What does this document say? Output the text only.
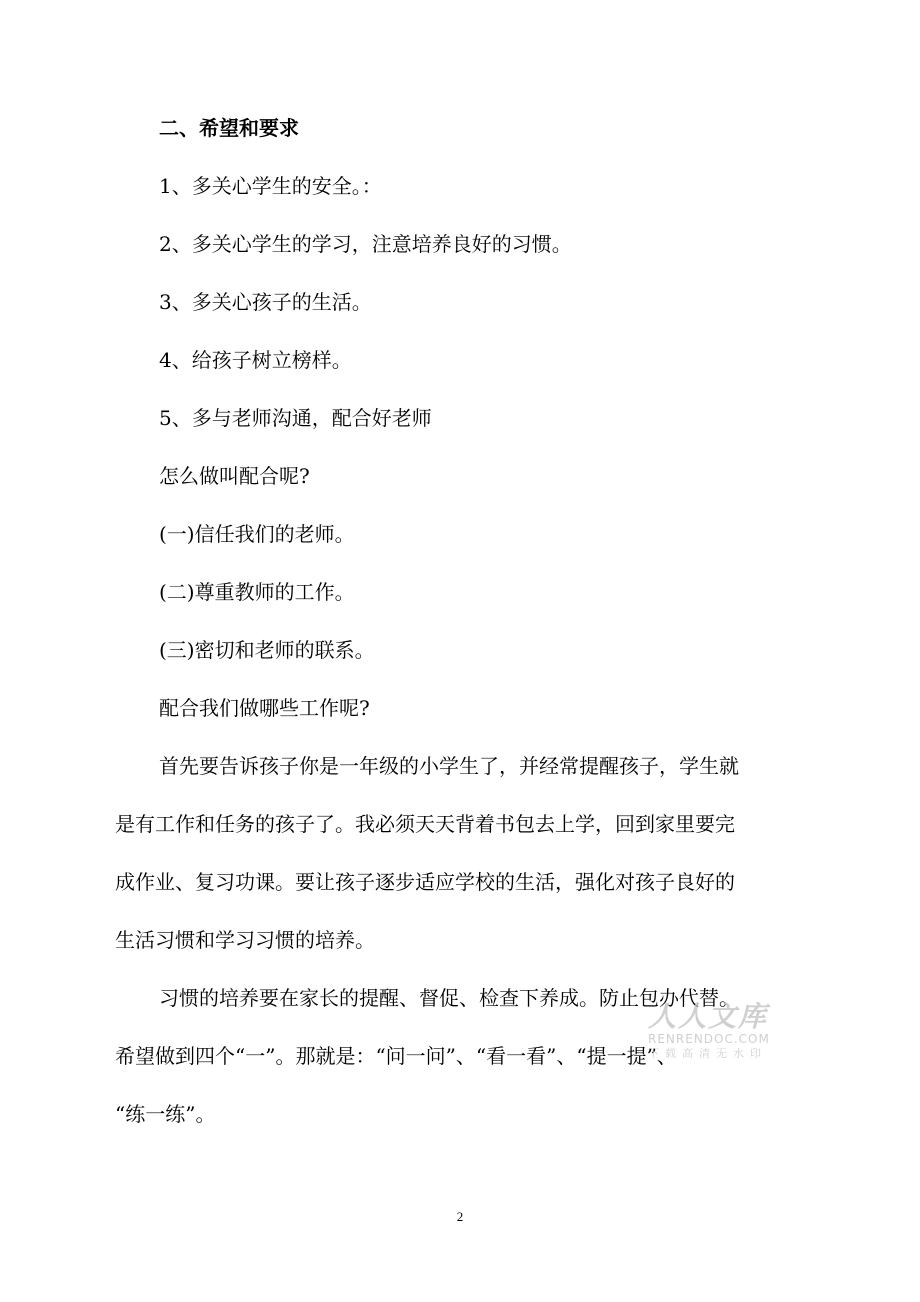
二、希望和要求
1、多关心学生的安全。：
2、多关心学生的学习，注意培养良好的习惯。
3、多关心孩子的生活。
4、给孩子树立榜样。
5、多与老师沟通，配合好老师
怎么做叫配合呢?
(一)信任我们的老师。
(二)尊重教师的工作。
(三)密切和老师的联系。
配合我们做哪些工作呢?
首先要告诉孩子你是一年级的小学生了，并经常提醒孩子，学生就
是有工作和任务的孩子了。我必须天天背着书包去上学，回到家里要完
成作业、复习功课。要让孩子逐步适应学校的生活，强化对孩子良好的
生活习惯和学习习惯的培养。
习惯的培养要在家长的提醒、督促、检查下养成。防止包办代替。
希望做到四个“一”。那就是：“问一问”、“看一看”、“提一提”、
“练一练”。
人人文库
RENRENDOC.COM
下载高清无水印
2
